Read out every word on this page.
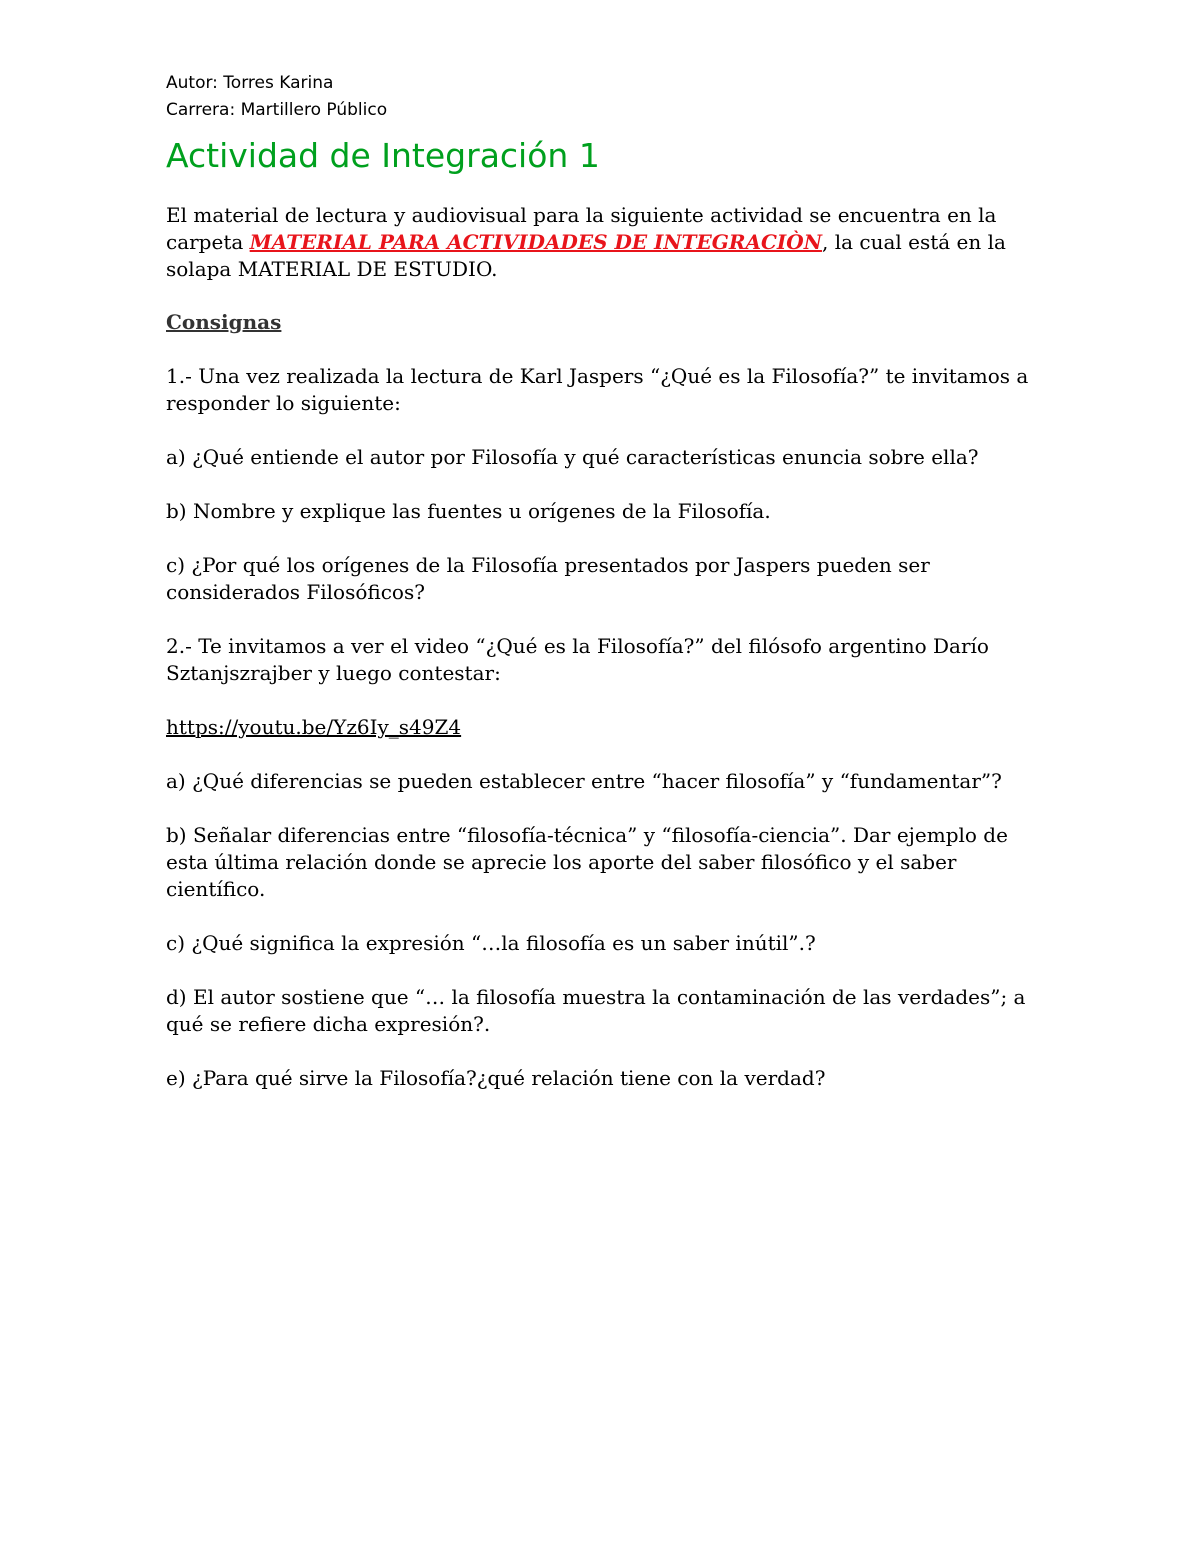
Autor: Torres Karina

Carrera: Martillero Público

Actividad de Integración 1

El material de lectura y audiovisual para la siguiente actividad se encuentra en la carpeta MATERIAL PARA ACTIVIDADES DE INTEGRACIÒN, la cual está en la solapa MATERIAL DE ESTUDIO.

Consignas

1.- Una vez realizada la lectura de Karl Jaspers “¿Qué es la Filosofía?” te invitamos a responder lo siguiente:

a) ¿Qué entiende el autor por Filosofía y qué características enuncia sobre ella?

b) Nombre y explique las fuentes u orígenes de la Filosofía.

c) ¿Por qué los orígenes de la Filosofía presentados por Jaspers pueden ser considerados Filosóficos?

2.- Te invitamos a ver el video “¿Qué es la Filosofía?” del filósofo argentino Darío Sztanjszrajber y luego contestar:

https://youtu.be/Yz6Iy_s49Z4

a) ¿Qué diferencias se pueden establecer entre “hacer filosofía” y “fundamentar”?

b) Señalar diferencias entre “filosofía-técnica” y “filosofía-ciencia”. Dar ejemplo de esta última relación donde se aprecie los aporte del saber filosófico y el saber científico.

c) ¿Qué significa la expresión “…la filosofía es un saber inútil”.?

d) El autor sostiene que “… la filosofía muestra la contaminación de las verdades”; a qué se refiere dicha expresión?.

e) ¿Para qué sirve la Filosofía?¿qué relación tiene con la verdad?
